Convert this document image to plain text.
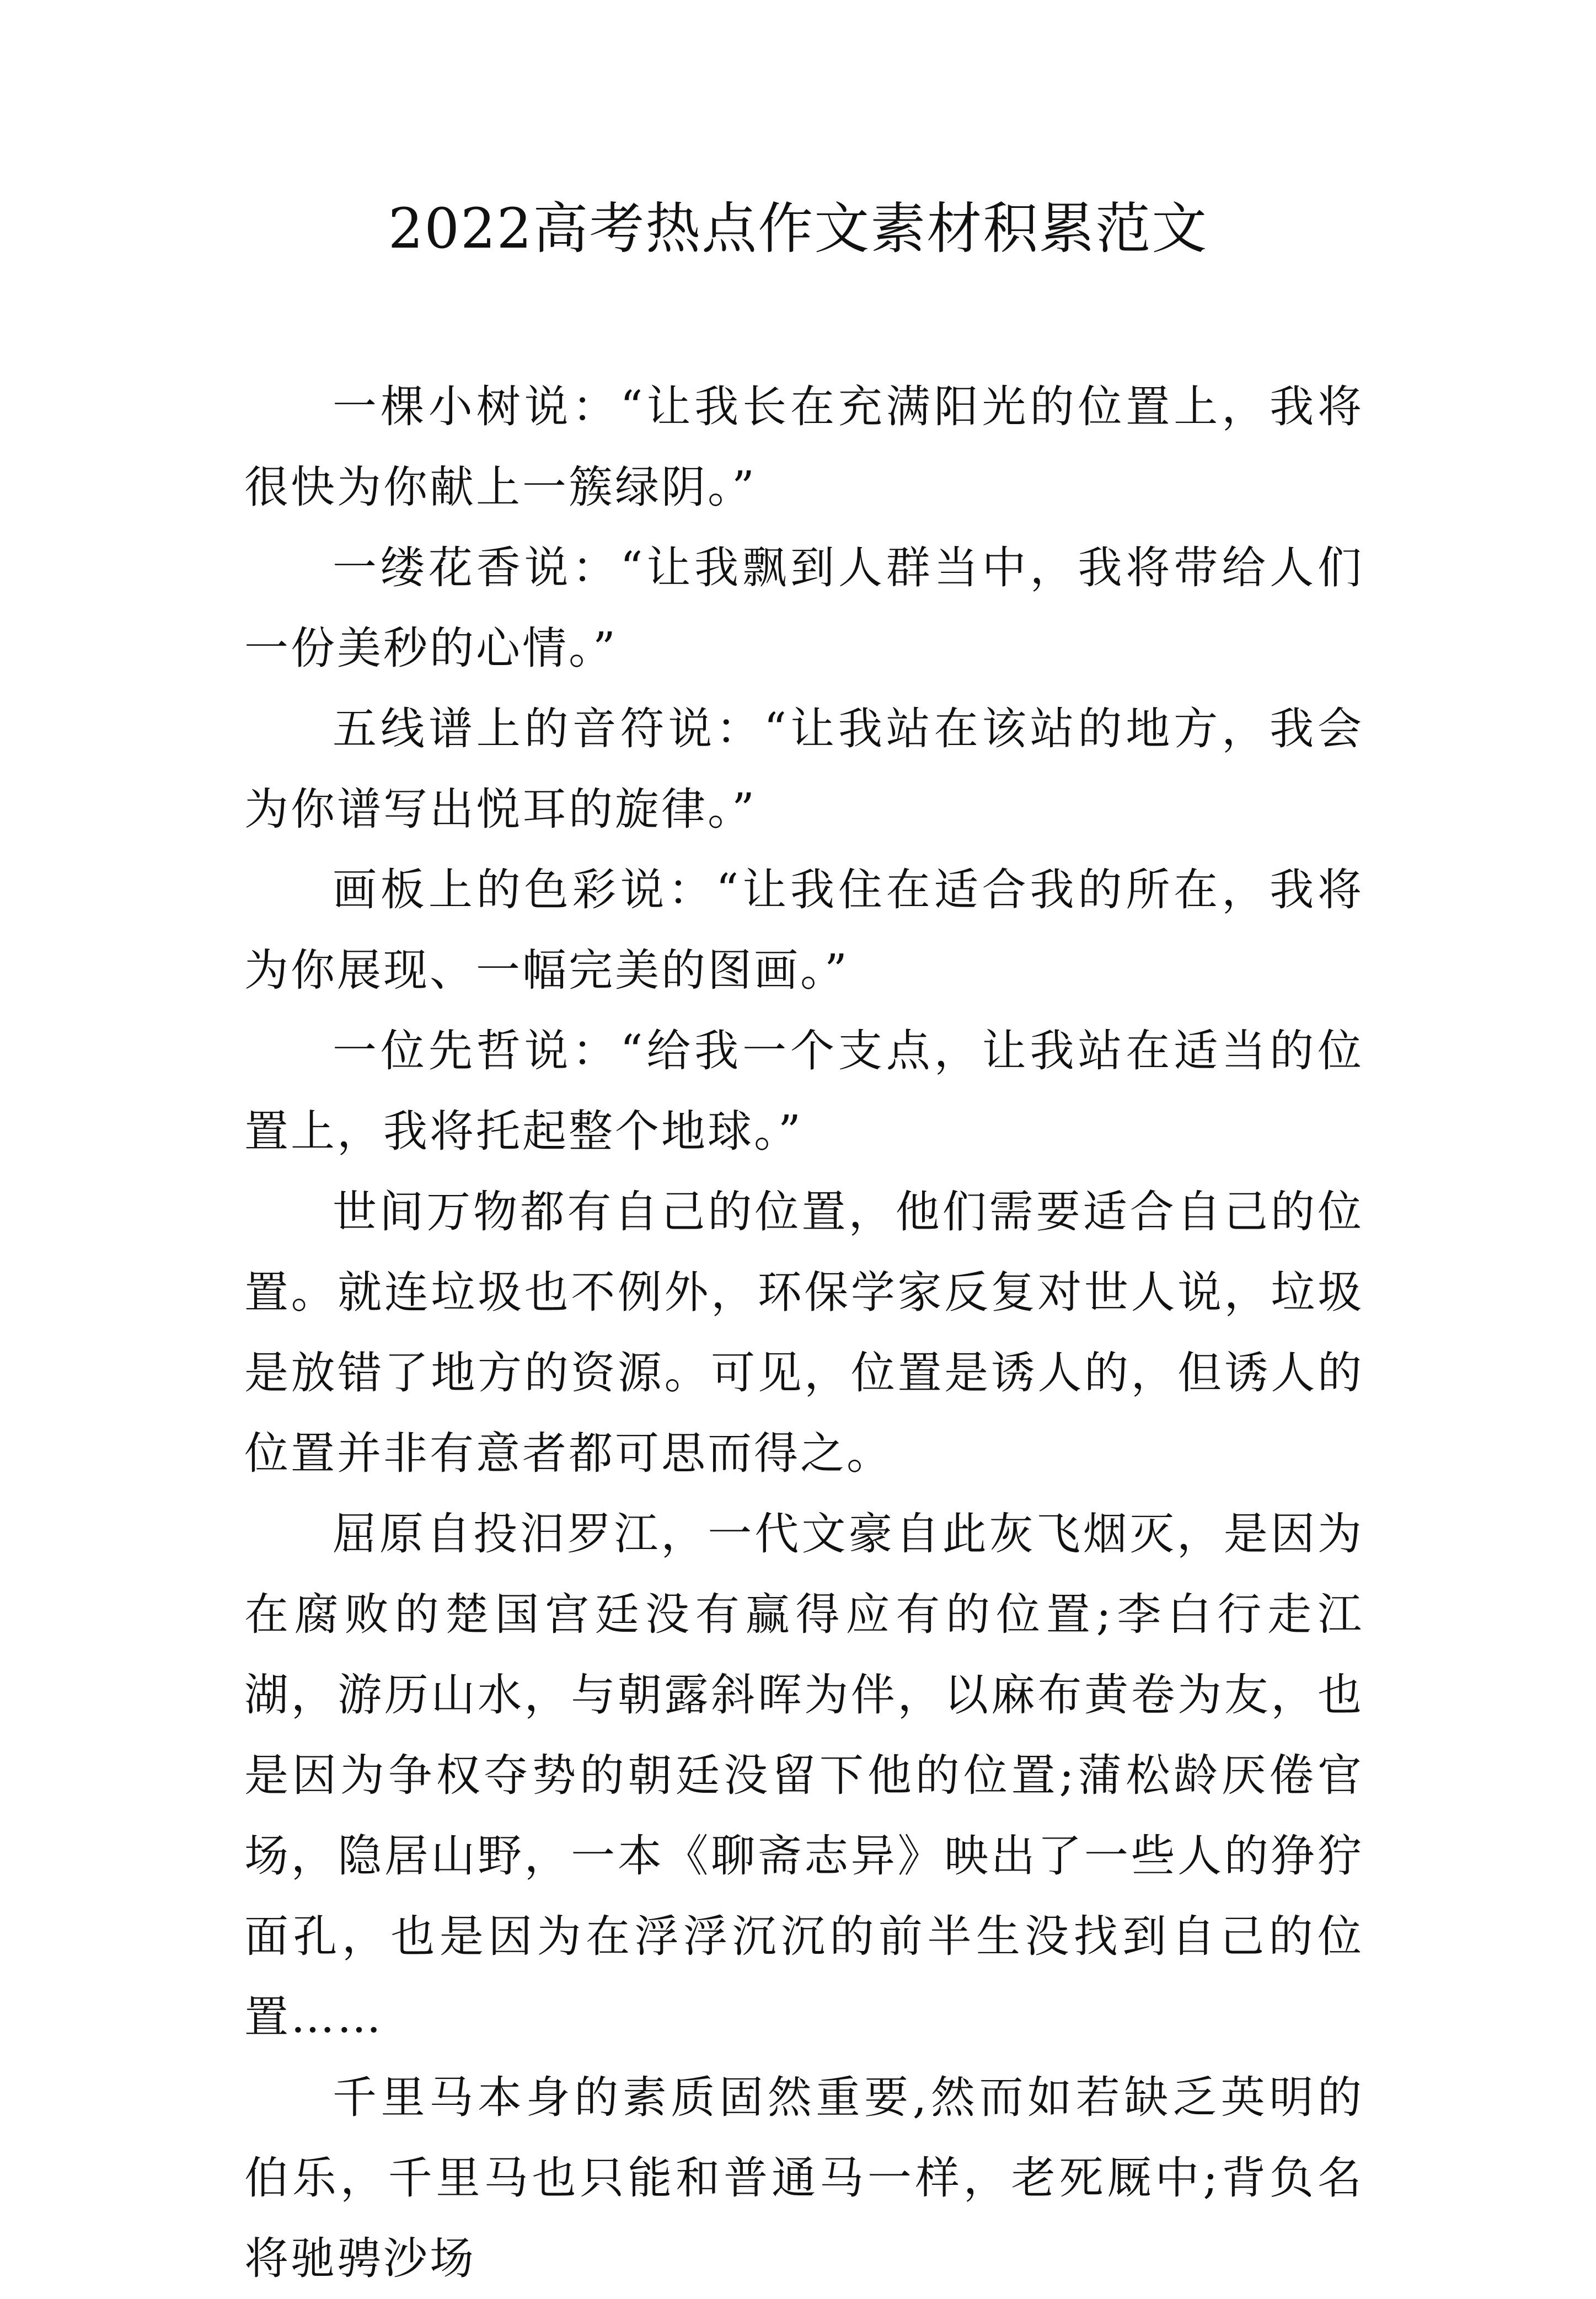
2022高考热点作文素材积累范文

一棵小树说：“让我长在充满阳光的位置上，我将很快为你献上一簇绿阴。”

一缕花香说：“让我飘到人群当中，我将带给人们一份美秒的心情。”

五线谱上的音符说：“让我站在该站的地方，我会为你谱写出悦耳的旋律。”

画板上的色彩说：“让我住在适合我的所在，我将为你展现、一幅完美的图画。”

一位先哲说：“给我一个支点，让我站在适当的位置上，我将托起整个地球。”

世间万物都有自己的位置，他们需要适合自己的位置。就连垃圾也不例外，环保学家反复对世人说，垃圾是放错了地方的资源。可见，位置是诱人的，但诱人的位置并非有意者都可思而得之。

屈原自投汨罗江，一代文豪自此灰飞烟灭，是因为在腐败的楚国宫廷没有赢得应有的位置;李白行走江湖，游历山水，与朝露斜晖为伴，以麻布黄卷为友，也是因为争权夺势的朝廷没留下他的位置;蒲松龄厌倦官场，隐居山野，一本《聊斋志异》映出了一些人的狰狞面孔，也是因为在浮浮沉沉的前半生没找到自己的位置……

千里马本身的素质固然重要,然而如若缺乏英明的伯乐，千里马也只能和普通马一样，老死厩中;背负名将驰骋沙场
